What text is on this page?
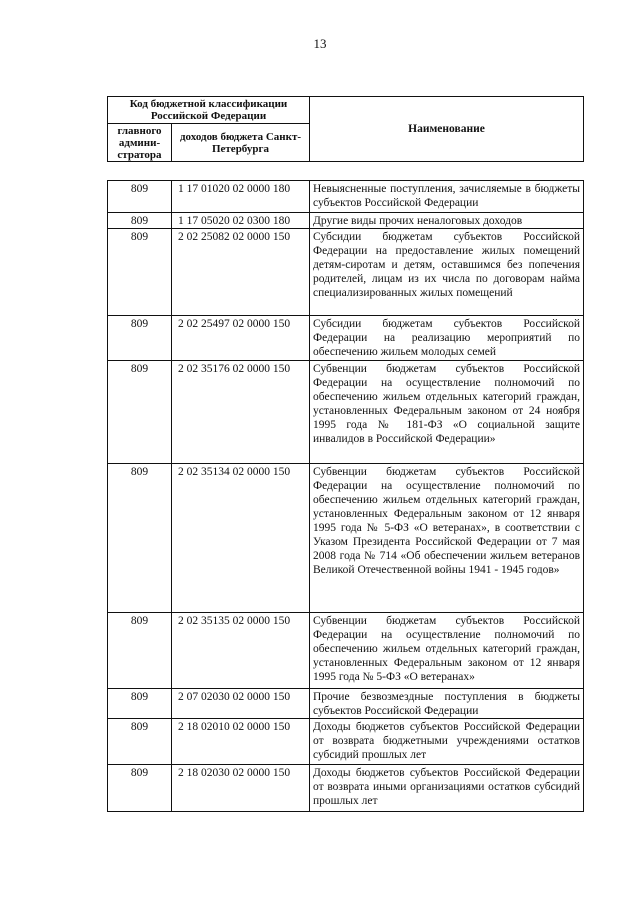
13
Код бюджетной классификации Российской Федерации		Наименование
главного админи-стратора	доходов бюджета Санкт-Петербурга	
809	1 17 01020 02 0000 180	Невыясненные поступления, зачисляемые в бюджеты субъектов Российской Федерации
809	1 17 05020 02 0300 180	Другие виды прочих неналоговых доходов
809	2 02 25082 02 0000 150	Субсидии бюджетам субъектов Российской Федерации на предоставление жилых помещений детям-сиротам и детям, оставшимся без попечения родителей, лицам из их числа по договорам найма специализированных жилых помещений
809	2 02 25497 02 0000 150	Субсидии бюджетам субъектов Российской Федерации на реализацию мероприятий по обеспечению жильем молодых семей
809	2 02 35176 02 0000 150	Субвенции бюджетам субъектов Российской Федерации на осуществление полномочий по обеспечению жильем отдельных категорий граждан, установленных Федеральным законом от 24 ноября 1995 года № 181-ФЗ «О социальной защите инвалидов в Российской Федерации»
809	2 02 35134 02 0000 150	Субвенции бюджетам субъектов Российской Федерации на осуществление полномочий по обеспечению жильем отдельных категорий граждан, установленных Федеральным законом от 12 января 1995 года № 5-ФЗ «О ветеранах», в соответствии с Указом Президента Российской Федерации от 7 мая 2008 года № 714 «Об обеспечении жильем ветеранов Великой Отечественной войны 1941 - 1945 годов»
809	2 02 35135 02 0000 150	Субвенции бюджетам субъектов Российской Федерации на осуществление полномочий по обеспечению жильем отдельных категорий граждан, установленных Федеральным законом от 12 января 1995 года № 5-ФЗ «О ветеранах»
809	2 07 02030 02 0000 150	Прочие безвозмездные поступления в бюджеты субъектов Российской Федерации
809	2 18 02010 02 0000 150	Доходы бюджетов субъектов Российской Федерации от возврата бюджетными учреждениями остатков субсидий прошлых лет
809	2 18 02030 02 0000 150	Доходы бюджетов субъектов Российской Федерации от возврата иными организациями остатков субсидий прошлых лет
